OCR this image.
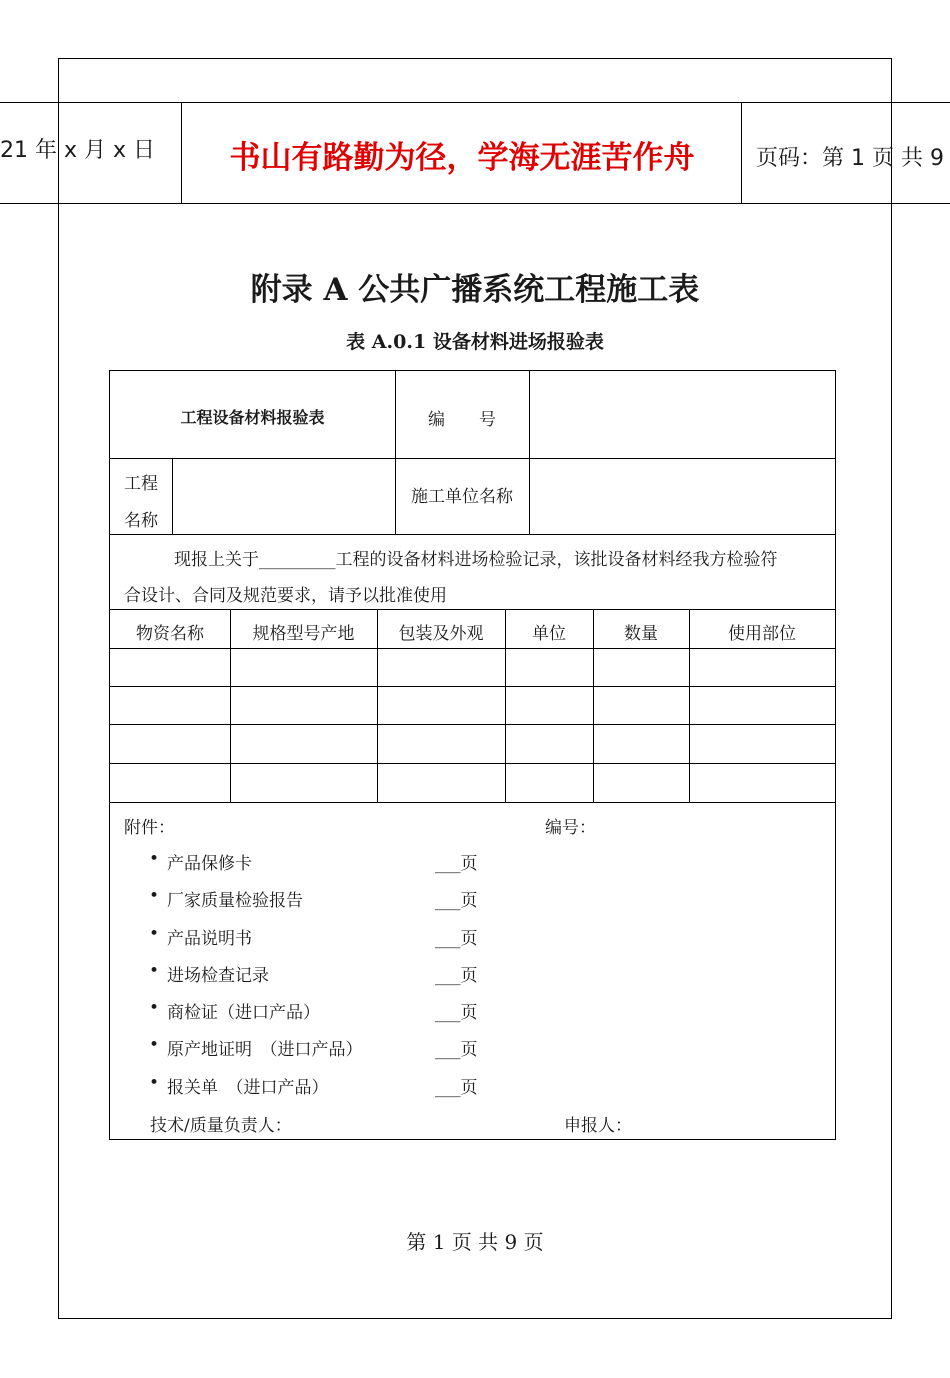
21 年 x 月 x 日	书山有路勤为径，学海无涯苦作舟	页码：第 1 页 共 9
附录 A 公共广播系统工程施工表
表 A.0.1 设备材料进场报验表
工程设备材料报验表	编　　号
工程
名称
施工单位名称
现报上关于_________工程的设备材料进场检验记录，该批设备材料经我方检验符
合设计、合同及规范要求，请予以批准使用
物资名称	规格型号产地	包装及外观	单位	数量	使用部位
附件：	编号：
• 产品保修卡	___页
• 厂家质量检验报告	___页
• 产品说明书	___页
• 进场检查记录	___页
• 商检证（进口产品）	___页
• 原产地证明　（进口产品）	___页
• 报关单　（进口产品）	___页
技术/质量负责人：	申报人：
第 1 页 共 9 页
